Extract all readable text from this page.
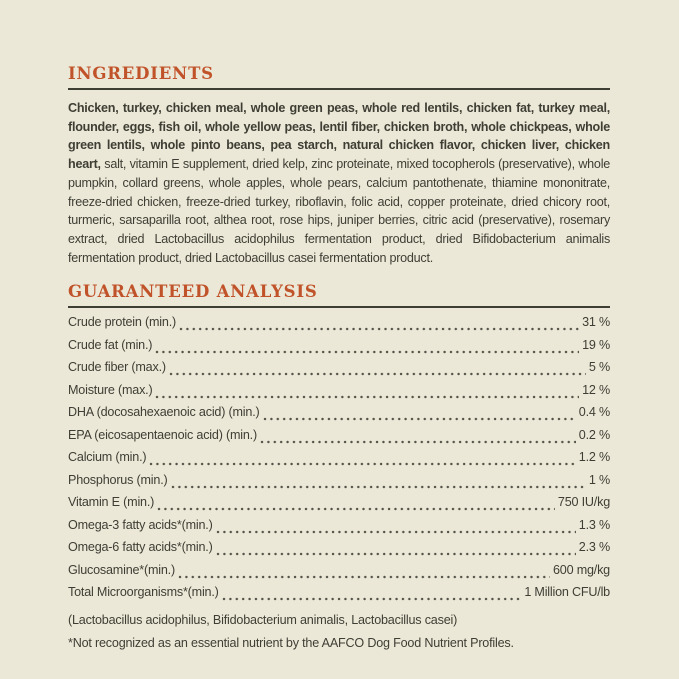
INGREDIENTS

Chicken, turkey, chicken meal, whole green peas, whole red lentils, chicken fat, turkey meal, flounder, eggs, fish oil, whole yellow peas, lentil fiber, chicken broth, whole chickpeas, whole green lentils, whole pinto beans, pea starch, natural chicken flavor, chicken liver, chicken heart, salt, vitamin E supplement, dried kelp, zinc proteinate, mixed tocopherols (preservative), whole pumpkin, collard greens, whole apples, whole pears, calcium pantothenate, thiamine mononitrate, freeze-dried chicken, freeze-dried turkey, riboflavin, folic acid, copper proteinate, dried chicory root, turmeric, sarsaparilla root, althea root, rose hips, juniper berries, citric acid (preservative), rosemary extract, dried Lactobacillus acidophilus fermentation product, dried Bifidobacterium animalis fermentation product, dried Lactobacillus casei fermentation product.

GUARANTEED ANALYSIS
Crude protein (min.)	31 %
Crude fat (min.)	19 %
Crude fiber (max.)	5 %
Moisture (max.)	12 %
DHA (docosahexaenoic acid) (min.)	0.4 %
EPA (eicosapentaenoic acid) (min.)	0.2 %
Calcium (min.)	1.2 %
Phosphorus (min.)	1 %
Vitamin E (min.)	750 IU/kg
Omega-3 fatty acids*(min.)	1.3 %
Omega-6 fatty acids*(min.)	2.3 %
Glucosamine*(min.)	600 mg/kg
Total Microorganisms*(min.)	1 Million CFU/lb
(Lactobacillus acidophilus, Bifidobacterium animalis, Lactobacillus casei)
*Not recognized as an essential nutrient by the AAFCO Dog Food Nutrient Profiles.
